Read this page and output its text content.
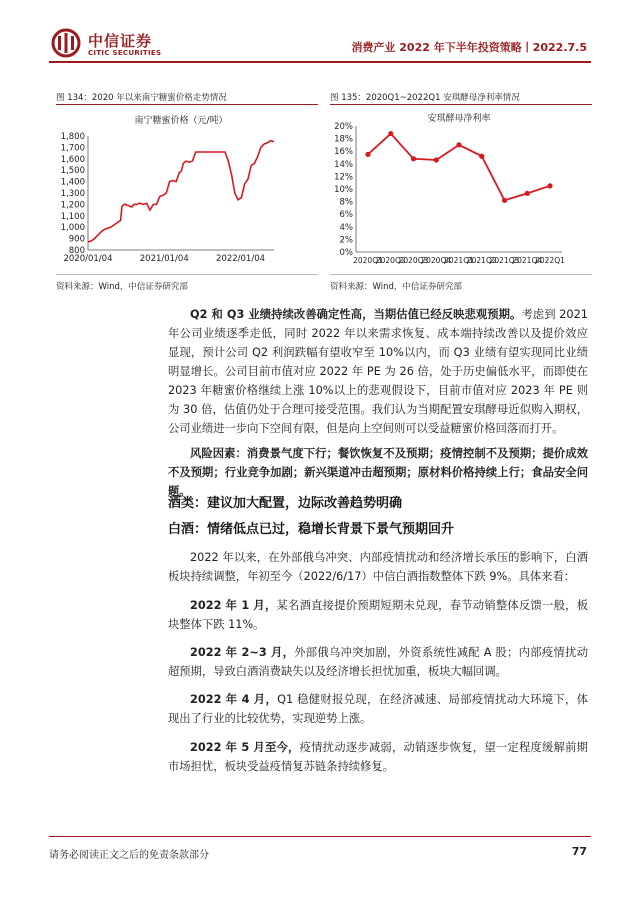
中信证券
CITIC SECURITIES	消费产业 2022 年下半年投资策略丨2022.7.5
图 134：2020 年以来南宁糖蜜价格走势情况	图 135：2020Q1~2022Q1 安琪酵母净利率情况
南宁糖蜜价格（元/吨）
1,800
1,700
1,600
1,500
1,400
1,300
1,200
1,100
1,000
900
800
2020/01/04	2021/01/04	2022/01/04
安琪酵母净利率
20%
18%
16%
14%
12%
10%
8%
6%
4%
2%
0%
2020Q1
2020Q2
2020Q3
2020Q4
2021Q1
2021Q2
2021Q3
2021Q4
2022Q1
资料来源：Wind，中信证券研究部	资料来源：Wind，中信证券研究部
Q2 和 Q3 业绩持续改善确定性高，当期估值已经反映悲观预期。考虑到 2021 年公司业绩逐季走低，同时 2022 年以来需求恢复、成本端持续改善以及提价效应显现，预计公司 Q2 利润跌幅有望收窄至 10%以内，而 Q3 业绩有望实现同比业绩明显增长。公司目前市值对应 2022 年 PE 为 26 倍，处于历史偏低水平，而即使在 2023 年糖蜜价格继续上涨 10%以上的悲观假设下，目前市值对应 2023 年 PE 则为 30 倍，估值仍处于合理可接受范围。我们认为当期配置安琪酵母近似购入期权，公司业绩进一步向下空间有限，但是向上空间则可以受益糖蜜价格回落而打开。
风险因素：消费景气度下行；餐饮恢复不及预期；疫情控制不及预期；提价成效不及预期；行业竞争加剧；新兴渠道冲击超预期；原材料价格持续上行；食品安全问题。
酒类：建议加大配置，边际改善趋势明确
白酒：情绪低点已过，稳增长背景下景气预期回升
2022 年以来，在外部俄乌冲突、内部疫情扰动和经济增长承压的影响下，白酒板块持续调整，年初至今（2022/6/17）中信白酒指数整体下跌 9%。具体来看：
2022 年 1 月，某名酒直接提价预期短期未兑现，春节动销整体反馈一般，板块整体下跌 11%。
2022 年 2~3 月，外部俄乌冲突加剧，外资系统性减配 A 股；内部疫情扰动超预期，导致白酒消费缺失以及经济增长担忧加重，板块大幅回调。
2022 年 4 月，Q1 稳健财报兑现，在经济减速、局部疫情扰动大环境下，体现出了行业的比较优势，实现逆势上涨。
2022 年 5 月至今，疫情扰动逐步减弱，动销逐步恢复，望一定程度缓解前期市场担忧，板块受益疫情复苏链条持续修复。
请务必阅读正文之后的免责条款部分	77
